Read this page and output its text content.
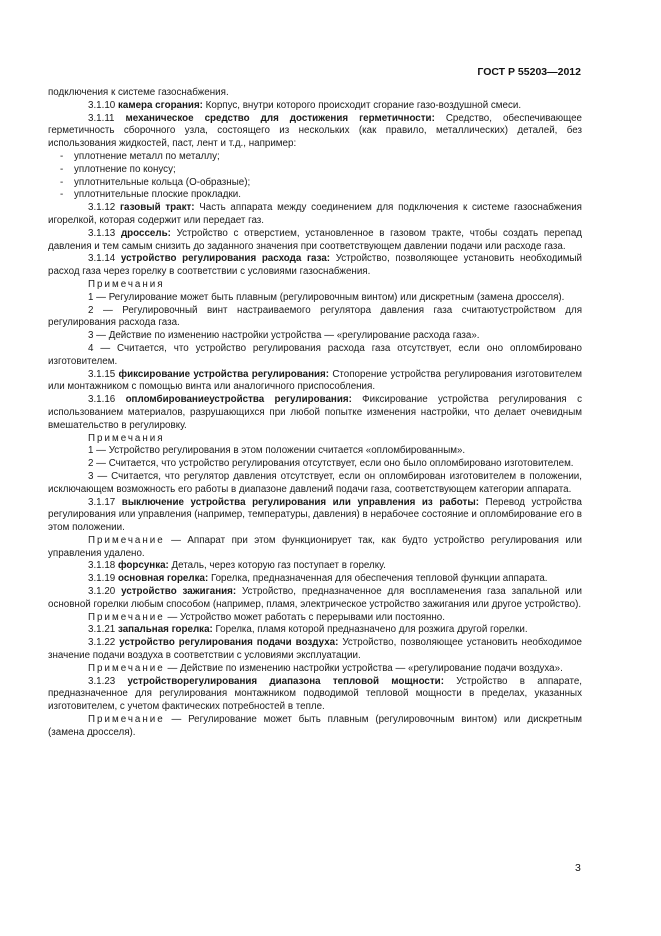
ГОСТ Р 55203—2012

подключения к системе газоснабжения.

3.1.10 камера сгорания: Корпус, внутри которого происходит сгорание газо-воздушной смеси.

3.1.11 механическое средство для достижения герметичности: Средство, обеспечивающее герметичность сборочного узла, состоящего из нескольких (как правило, металлических) деталей, без использования жидкостей, паст, лент и т.д., например:

- уплотнение металл по металлу;
- уплотнение по конусу;
- уплотнительные кольца (О-образные);
- уплотнительные плоские прокладки.

3.1.12 газовый тракт: Часть аппарата между соединением для подключения к системе газоснабжения игорелкой, которая содержит или передает газ.

3.1.13 дроссель: Устройство с отверстием, установленное в газовом тракте, чтобы создать перепад давления и тем самым снизить до заданного значения при соответствующем давлении подачи или расходе газа.

3.1.14 устройство регулирования расхода газа: Устройство, позволяющее установить необходимый расход газа через горелку в соответствии с условиями газоснабжения.

Примечания

1 — Регулирование может быть плавным (регулировочным винтом) или дискретным (замена дросселя).

2 — Регулировочный винт настраиваемого регулятора давления газа считаютустройством для регулирования расхода газа.

3 — Действие по изменению настройки устройства — «регулирование расхода газа».

4 — Считается, что устройство регулирования расхода газа отсутствует, если оно опломбировано изготовителем.

3.1.15 фиксирование устройства регулирования: Стопорение устройства регулирования изготовителем или монтажником с помощью винта или аналогичного приспособления.

3.1.16 опломбированиеустройства регулирования: Фиксирование устройства регулирования с использованием материалов, разрушающихся при любой попытке изменения настройки, что делает очевидным вмешательство в регулировку.

Примечания

1 — Устройство регулирования в этом положении считается «опломбированным».

2 — Считается, что устройство регулирования отсутствует, если оно было опломбировано изготовителем.

3 — Считается, что регулятор давления отсутствует, если он опломбирован изготовителем в положении, исключающем возможность его работы в диапазоне давлений подачи газа, соответствующем категории аппарата.

3.1.17 выключение устройства регулирования или управления из работы: Перевод устройства регулирования или управления (например, температуры, давления) в нерабочее состояние и опломбирование его в этом положении.

Примечание — Аппарат при этом функционирует так, как будто устройство регулирования или управления удалено.

3.1.18 форсунка: Деталь, через которую газ поступает в горелку.

3.1.19 основная горелка: Горелка, предназначенная для обеспечения тепловой функции аппарата.

3.1.20 устройство зажигания: Устройство, предназначенное для воспламенения газа запальной или основной горелки любым способом (например, пламя, электрическое устройство зажигания или другое устройство).

Примечание — Устройство может работать с перерывами или постоянно.

3.1.21 запальная горелка: Горелка, пламя которой предназначено для розжига другой горелки.

3.1.22 устройство регулирования подачи воздуха: Устройство, позволяющее установить необходимое значение подачи воздуха в соответствии с условиями эксплуатации.

Примечание — Действие по изменению настройки устройства — «регулирование подачи воздуха».

3.1.23 устройстворегулирования диапазона тепловой мощности: Устройство в аппарате, предназначенное для регулирования монтажником подводимой тепловой мощности в пределах, указанных изготовителем, с учетом фактических потребностей в тепле.

Примечание — Регулирование может быть плавным (регулировочным винтом) или дискретным (замена дросселя).

3
